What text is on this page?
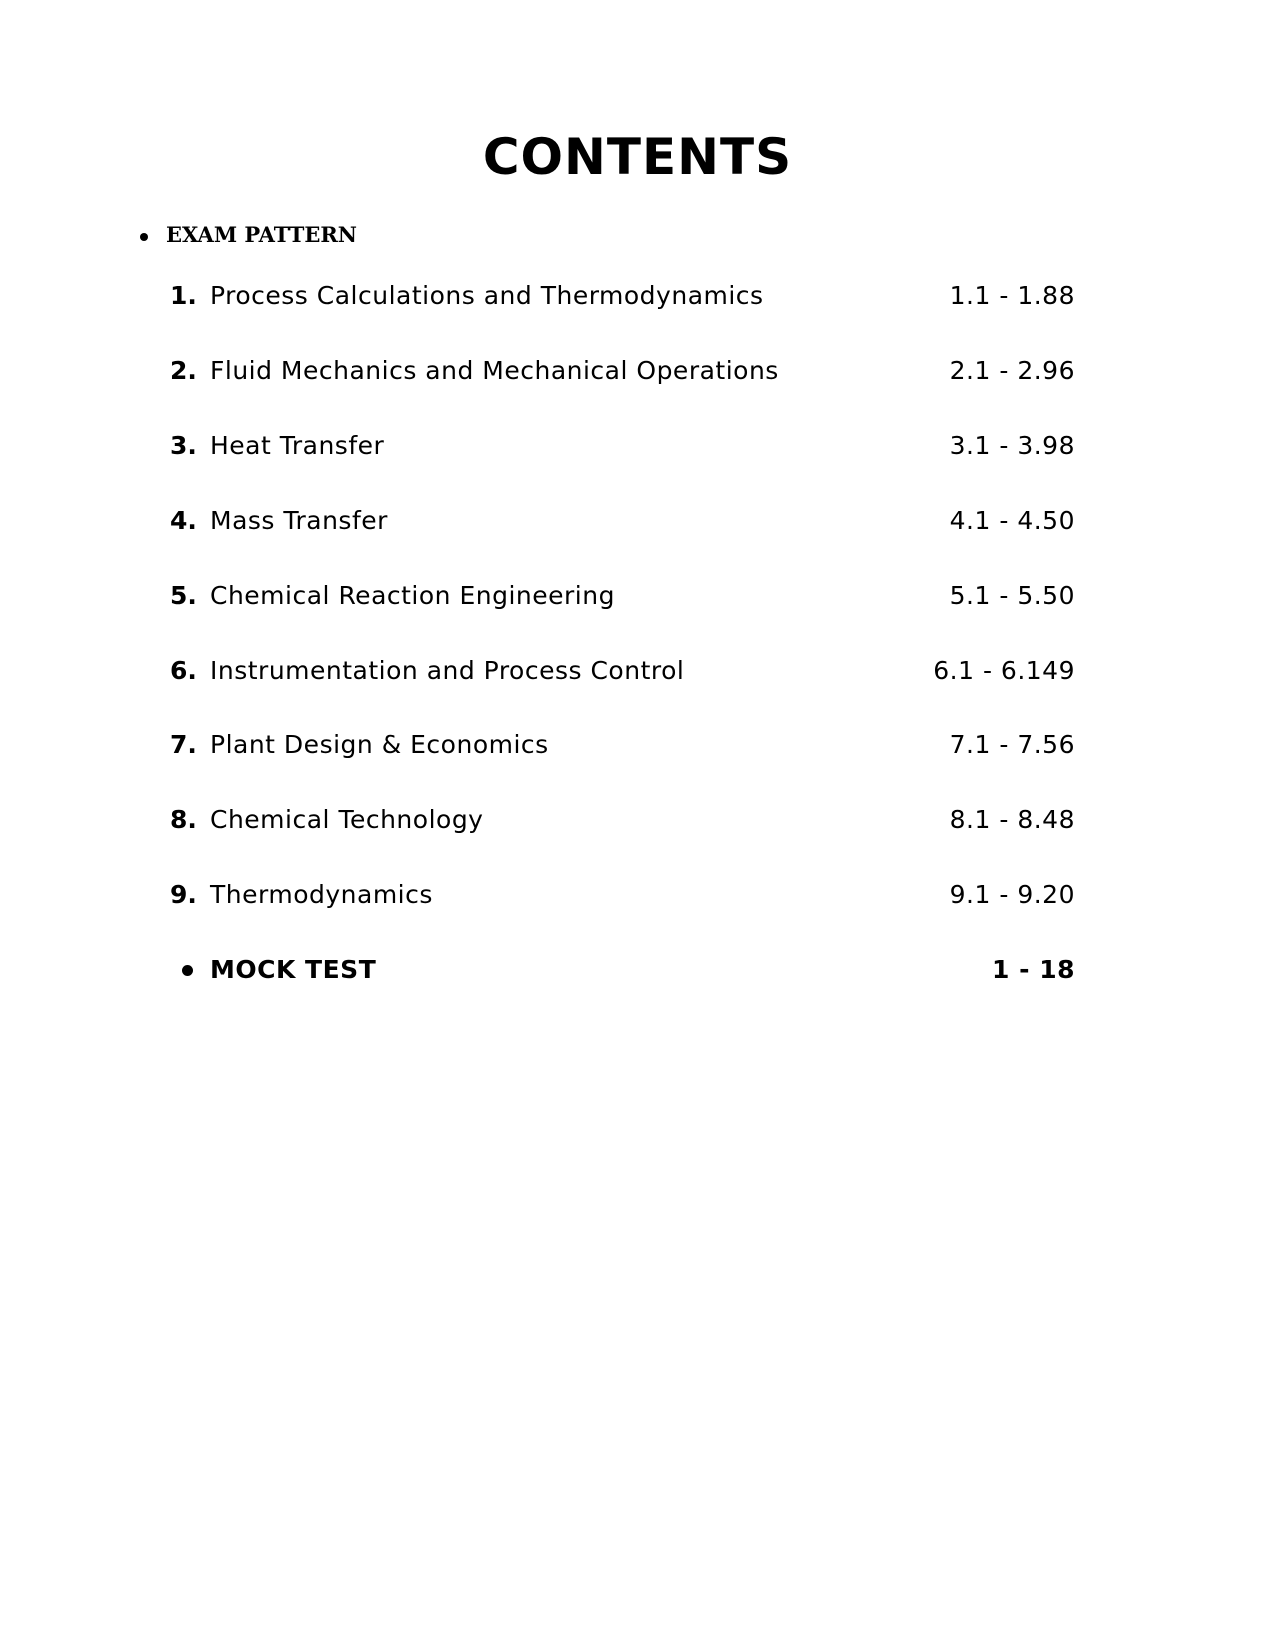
CONTENTS
EXAM PATTERN
1. Process Calculations and Thermodynamics	1.1 - 1.88
2. Fluid Mechanics and Mechanical Operations	2.1 - 2.96
3. Heat Transfer	3.1 - 3.98
4. Mass Transfer	4.1 - 4.50
5. Chemical Reaction Engineering	5.1 - 5.50
6. Instrumentation and Process Control	6.1 - 6.149
7. Plant Design & Economics	7.1 - 7.56
8. Chemical Technology	8.1 - 8.48
9. Thermodynamics	9.1 - 9.20
MOCK TEST	1 - 18
